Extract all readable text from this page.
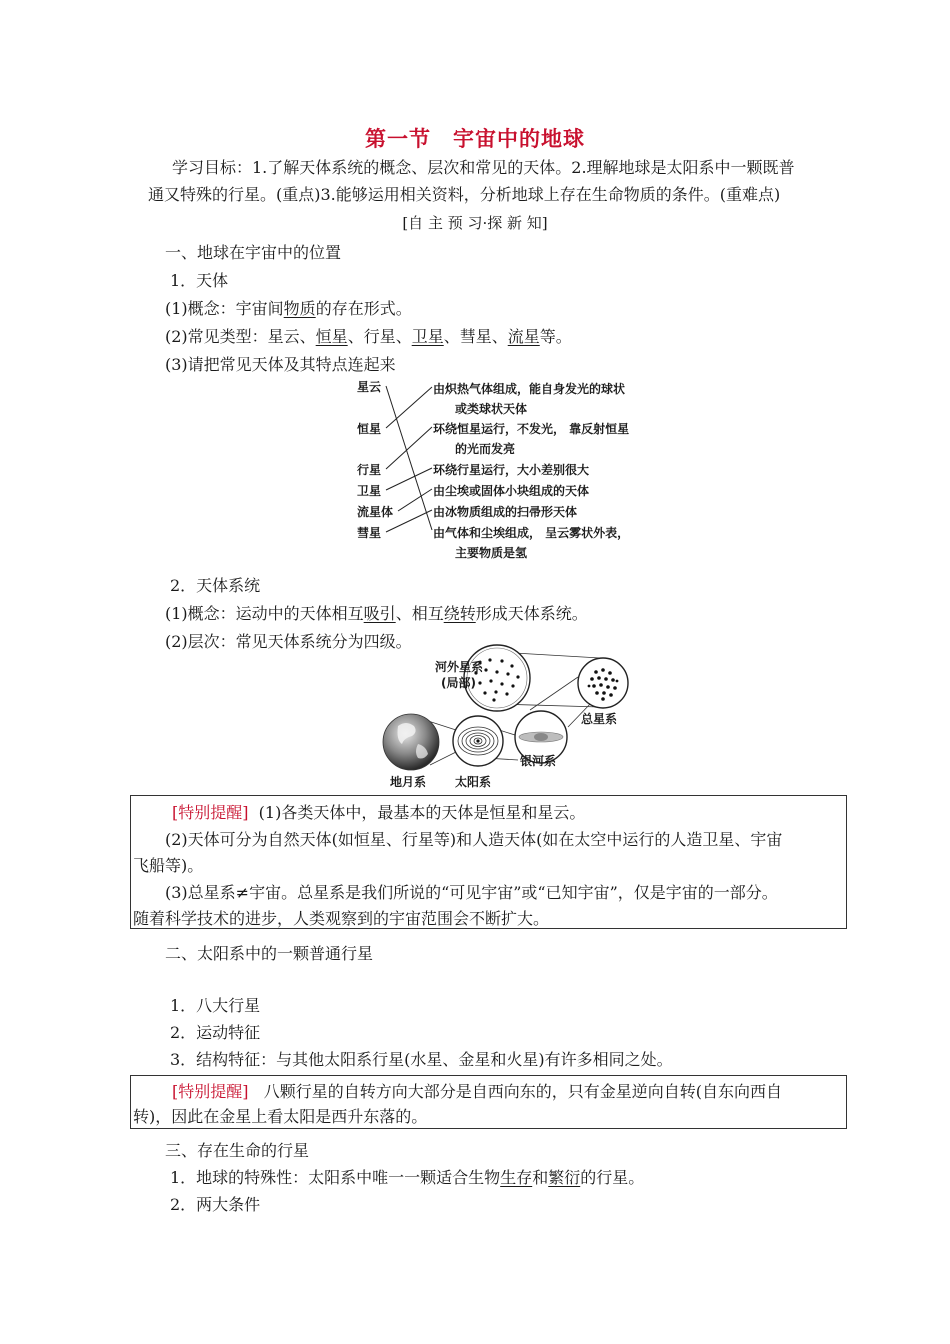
第一节　宇宙中的地球
学习目标：1.了解天体系统的概念、层次和常见的天体。2.理解地球是太阳系中一颗既普
通又特殊的行星。(重点)3.能够运用相关资料，分析地球上存在生命物质的条件。(重难点)
[自 主 预 习·探 新 知]
一、地球在宇宙中的位置
1．天体
(1)概念：宇宙间物质的存在形式。
(2)常见类型：星云、恒星、行星、卫星、彗星、流星等。
(3)请把常见天体及其特点连起来
星云
恒星
行星
卫星
流星体
彗星
由炽热气体组成，能自身发光的球状
或类球状天体
环绕恒星运行，不发光， 靠反射恒星
的光而发亮
环绕行星运行，大小差别很大
由尘埃或固体小块组成的天体
由冰物质组成的扫帚形天体
由气体和尘埃组成， 呈云雾状外表，
主要物质是氢
2．天体系统
(1)概念：运动中的天体相互吸引、相互绕转形成天体系统。
(2)层次：常见天体系统分为四级。
河外星系
(局部)
总星系
银河系
地月系 太阳系
[特别提醒] (1)各类天体中，最基本的天体是恒星和星云。
(2)天体可分为自然天体(如恒星、行星等)和人造天体(如在太空中运行的人造卫星、宇宙
飞船等)。
(3)总星系≠宇宙。总星系是我们所说的“可见宇宙”或“已知宇宙”，仅是宇宙的一部分。
随着科学技术的进步，人类观察到的宇宙范围会不断扩大。
二、太阳系中的一颗普通行星
1．八大行星
2．运动特征
3．结构特征：与其他太阳系行星(水星、金星和火星)有许多相同之处。
[特别提醒] 八颗行星的自转方向大部分是自西向东的，只有金星逆向自转(自东向西自
转)，因此在金星上看太阳是西升东落的。
三、存在生命的行星
1．地球的特殊性：太阳系中唯一一颗适合生物生存和繁衍的行星。
2．两大条件
